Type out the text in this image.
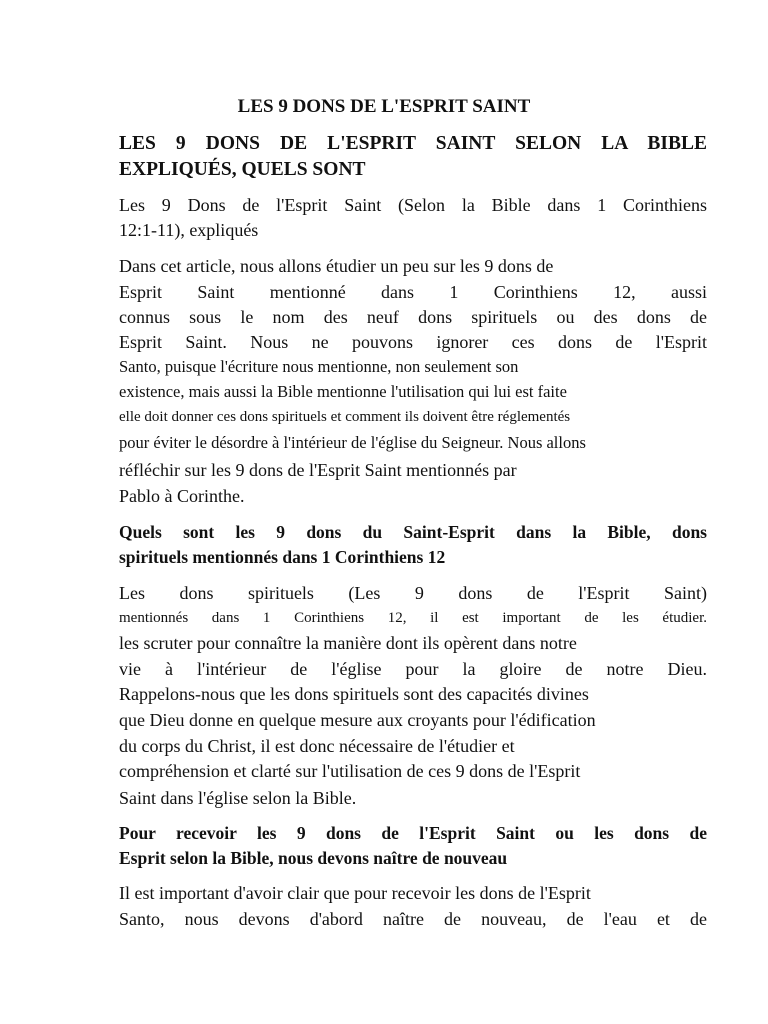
LES 9 DONS DE L'ESPRIT SAINT
LES 9 DONS DE L'ESPRIT SAINT SELON LA BIBLE
EXPLIQUÉS, QUELS SONT
Les 9 Dons de l'Esprit Saint (Selon la Bible dans 1 Corinthiens
12:1-11), expliqués
Dans cet article, nous allons étudier un peu sur les 9 dons de
Esprit Saint mentionné dans 1 Corinthiens 12, aussi
connus sous le nom des neuf dons spirituels ou des dons de
Esprit Saint. Nous ne pouvons ignorer ces dons de l'Esprit
Santo, puisque l'écriture nous mentionne, non seulement son
existence, mais aussi la Bible mentionne l'utilisation qui lui est faite
elle doit donner ces dons spirituels et comment ils doivent être réglementés
pour éviter le désordre à l'intérieur de l'église du Seigneur. Nous allons
réfléchir sur les 9 dons de l'Esprit Saint mentionnés par
Pablo à Corinthe.
Quels sont les 9 dons du Saint-Esprit dans la Bible, dons
spirituels mentionnés dans 1 Corinthiens 12
Les dons spirituels (Les 9 dons de l'Esprit Saint)
mentionnés dans 1 Corinthiens 12, il est important de les étudier.
les scruter pour connaître la manière dont ils opèrent dans notre
vie à l'intérieur de l'église pour la gloire de notre Dieu.
Rappelons-nous que les dons spirituels sont des capacités divines
que Dieu donne en quelque mesure aux croyants pour l'édification
du corps du Christ, il est donc nécessaire de l'étudier et
compréhension et clarté sur l'utilisation de ces 9 dons de l'Esprit
Saint dans l'église selon la Bible.
Pour recevoir les 9 dons de l'Esprit Saint ou les dons de
Esprit selon la Bible, nous devons naître de nouveau
Il est important d'avoir clair que pour recevoir les dons de l'Esprit
Santo, nous devons d'abord naître de nouveau, de l'eau et de
